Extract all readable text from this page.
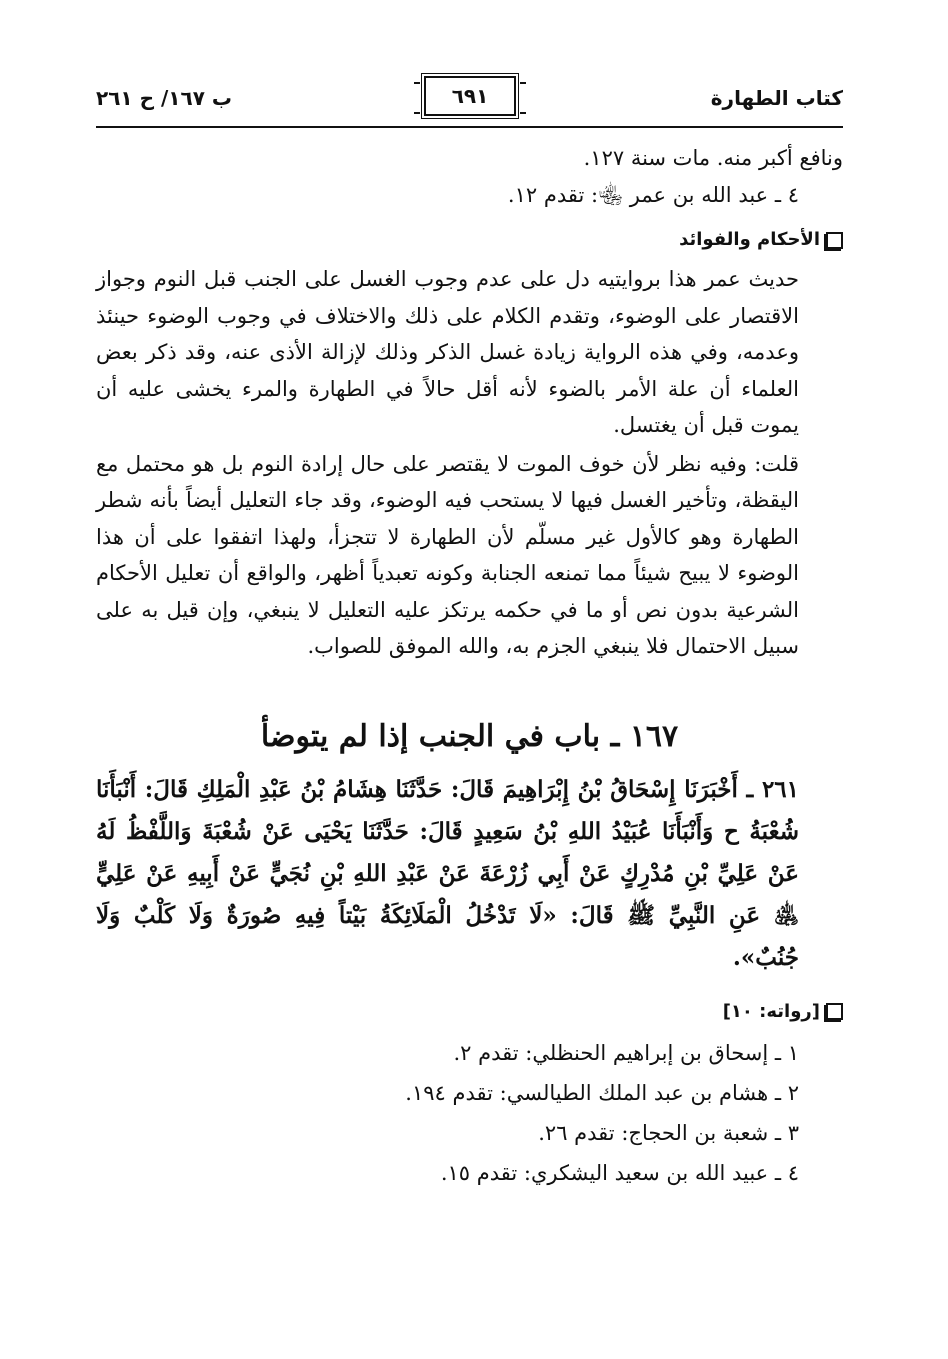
كتاب الطهارة
٦٩١
ب ١٦٧/ ح ٢٦١
ونافع أكبر منه. مات سنة ١٢٧.
٤ ـ عبد الله بن عمر ﵄: تقدم ١٢.
الأحكام والفوائد

حديث عمر هذا بروايتيه دل على عدم وجوب الغسل على الجنب قبل النوم وجواز الاقتصار على الوضوء، وتقدم الكلام على ذلك والاختلاف في وجوب الوضوء حينئذ وعدمه، وفي هذه الرواية زيادة غسل الذكر وذلك لإزالة الأذى عنه، وقد ذكر بعض العلماء أن علة الأمر بالضوء لأنه أقل حالاً في الطهارة والمرء يخشى عليه أن يموت قبل أن يغتسل.

قلت: وفيه نظر لأن خوف الموت لا يقتصر على حال إرادة النوم بل هو محتمل مع اليقظة، وتأخير الغسل فيها لا يستحب فيه الوضوء، وقد جاء التعليل أيضاً بأنه شطر الطهارة وهو كالأول غير مسلّم لأن الطهارة لا تتجزأ، ولهذا اتفقوا على أن هذا الوضوء لا يبيح شيئاً مما تمنعه الجنابة وكونه تعبدياً أظهر، والواقع أن تعليل الأحكام الشرعية بدون نص أو ما في حكمه يرتكز عليه التعليل لا ينبغي، وإن قيل به على سبيل الاحتمال فلا ينبغي الجزم به، والله الموفق للصواب.

١٦٧ ـ باب في الجنب إذا لم يتوضأ

٢٦١ ـ أَخْبَرَنَا إِسْحَاقُ بْنُ إِبْرَاهِيمَ قَالَ: حَدَّثَنَا هِشَامُ بْنُ عَبْدِ الْمَلِكِ قَالَ: أَنْبَأَنَا شُعْبَةُ ح وَأَنْبَأَنَا عُبَيْدُ اللهِ بْنُ سَعِيدٍ قَالَ: حَدَّثَنَا يَحْيَى عَنْ شُعْبَةَ وَاللَّفْظُ لَهُ عَنْ عَلِيِّ بْنِ مُدْرِكٍ عَنْ أَبِي زُرْعَةَ عَنْ عَبْدِ اللهِ بْنِ نُجَيٍّ عَنْ أَبِيهِ عَنْ عَلِيٍّ ﵁ عَنِ النَّبِيِّ ﷺ قَالَ: «لَا تَدْخُلُ الْمَلَائِكَةُ بَيْتاً فِيهِ صُورَةٌ وَلَا كَلْبٌ وَلَا جُنُبٌ».

[رواته: ١٠]
١ ـ إسحاق بن إبراهيم الحنظلي: تقدم ٢.
٢ ـ هشام بن عبد الملك الطيالسي: تقدم ١٩٤.
٣ ـ شعبة بن الحجاج: تقدم ٢٦.
٤ ـ عبيد الله بن سعيد اليشكري: تقدم ١٥.
